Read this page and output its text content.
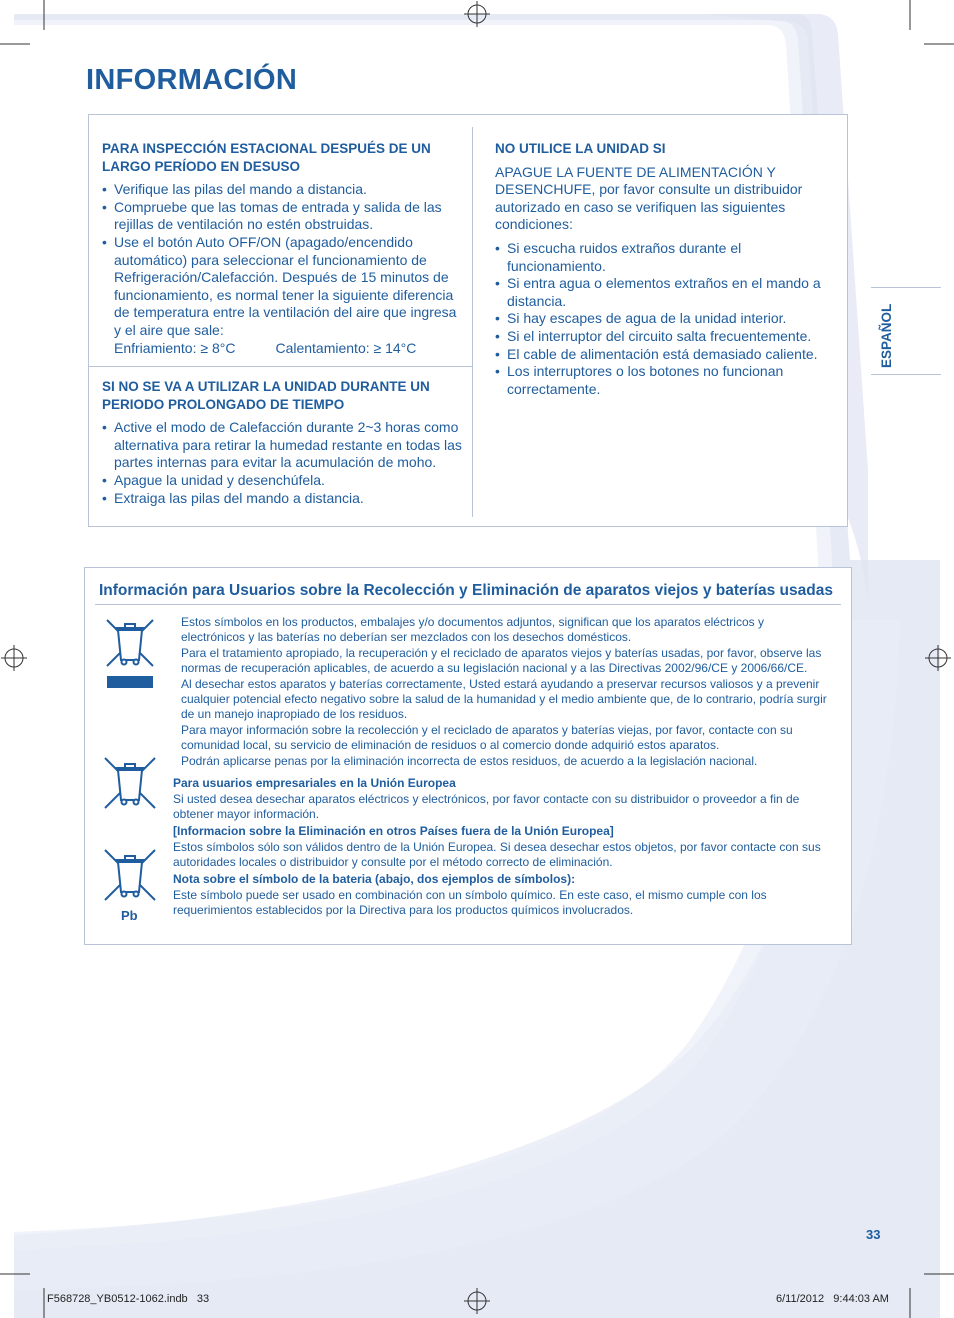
INFORMACIÓN
PARA INSPECCIÓN ESTACIONAL DESPUÉS DE UN LARGO PERÍODO EN DESUSO
• Verifique las pilas del mando a distancia.
• Compruebe que las tomas de entrada y salida de las rejillas de ventilación no estén obstruidas.
• Use el botón Auto OFF/ON (apagado/encendido automático) para seleccionar el funcionamiento de Refrigeración/Calefacción. Después de 15 minutos de funcionamiento, es normal tener la siguiente diferencia de temperatura entre la ventilación del aire que ingresa y el aire que sale:
Enfriamiento: ≥ 8°C	Calentamiento: ≥ 14°C
SI NO SE VA A UTILIZAR LA UNIDAD DURANTE UN PERIODO PROLONGADO DE TIEMPO
• Active el modo de Calefacción durante 2~3 horas como alternativa para retirar la humedad restante en todas las partes internas para evitar la acumulación de moho.
• Apague la unidad y desenchúfela.
• Extraiga las pilas del mando a distancia.
NO UTILICE LA UNIDAD SI

APAGUE LA FUENTE DE ALIMENTACIÓN Y DESENCHUFE, por favor consulte un distribuidor autorizado en caso se verifiquen las siguientes condiciones:

• Si escucha ruidos extraños durante el funcionamiento.
• Si entra agua o elementos extraños en el mando a distancia.
• Si hay escapes de agua de la unidad interior.
• Si el interruptor del circuito salta frecuentemente.
• El cable de alimentación está demasiado caliente.
• Los interruptores o los botones no funcionan correctamente.
ESPAÑOL
Información para Usuarios sobre la Recolección y Eliminación de aparatos viejos y baterías usadas
Pb

Estos símbolos en los productos, embalajes y/o documentos adjuntos, significan que los aparatos eléctricos y electrónicos y las baterías no deberían ser mezclados con los desechos domésticos.

Para el tratamiento apropiado, la recuperación y el reciclado de aparatos viejos y baterías usadas, por favor, observe las normas de recuperación aplicables, de acuerdo a su legislación nacional y a las Directivas 2002/96/CE y 2006/66/CE.

Al desechar estos aparatos y baterías correctamente, Usted estará ayudando a preservar recursos valiosos y a prevenir cualquier potencial efecto negativo sobre la salud de la humanidad y el medio ambiente que, de lo contrario, podría surgir de un manejo inapropiado de los residuos.

Para mayor información sobre la recolección y el reciclado de aparatos y baterías viejas, por favor, contacte con su comunidad local, su servicio de eliminación de residuos o al comercio donde adquirió estos aparatos.

Podrán aplicarse penas por la eliminación incorrecta de estos residuos, de acuerdo a la legislación nacional.

Para usuarios empresariales en la Unión Europea

Si usted desea desechar aparatos eléctricos y electrónicos, por favor contacte con su distribuidor o proveedor a fin de obtener mayor información.

[Informacion sobre la Eliminación en otros Países fuera de la Unión Europea]

Estos símbolos sólo son válidos dentro de la Unión Europea. Si desea desechar estos objetos, por favor contacte con sus autoridades locales o distribuidor y consulte por el método correcto de eliminación.

Nota sobre el símbolo de la bateria (abajo, dos ejemplos de símbolos):

Este símbolo puede ser usado en combinación con un símbolo químico. En este caso, el mismo cumple con los requerimientos establecidos por la Directiva para los productos químicos involucrados.

33
F568728_YB0512-1062.indb   33	6/11/2012   9:44:03 AM
